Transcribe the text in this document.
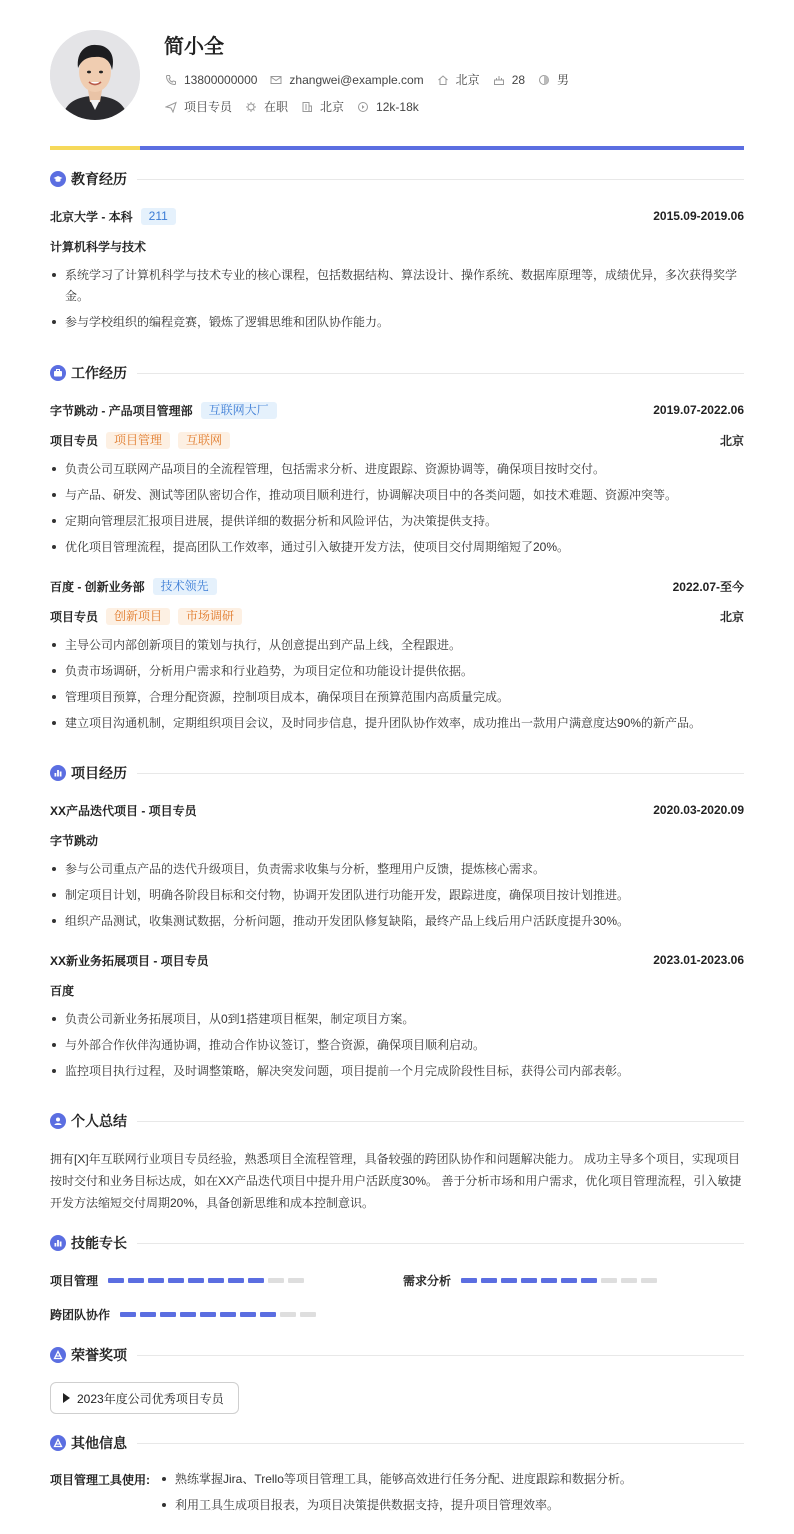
简小全
13800000000	zhangwei@example.com	北京	28	男
项目专员	在职	北京	12k-18k
教育经历
北京大学 - 本科	211	2015.09-2019.06
计算机科学与技术
系统学习了计算机科学与技术专业的核心课程，包括数据结构、算法设计、操作系统、数据库原理等，成绩优异，多次获得奖学金。
参与学校组织的编程竞赛，锻炼了逻辑思维和团队协作能力。
工作经历
字节跳动 - 产品项目管理部	互联网大厂	2019.07-2022.06
项目专员	项目管理	互联网	北京
负责公司互联网产品项目的全流程管理，包括需求分析、进度跟踪、资源协调等，确保项目按时交付。
与产品、研发、测试等团队密切合作，推动项目顺利进行，协调解决项目中的各类问题，如技术难题、资源冲突等。
定期向管理层汇报项目进展，提供详细的数据分析和风险评估，为决策提供支持。
优化项目管理流程，提高团队工作效率，通过引入敏捷开发方法，使项目交付周期缩短了20%。
百度 - 创新业务部	技术领先	2022.07-至今
项目专员	创新项目	市场调研	北京
主导公司内部创新项目的策划与执行，从创意提出到产品上线，全程跟进。
负责市场调研，分析用户需求和行业趋势，为项目定位和功能设计提供依据。
管理项目预算，合理分配资源，控制项目成本，确保项目在预算范围内高质量完成。
建立项目沟通机制，定期组织项目会议，及时同步信息，提升团队协作效率，成功推出一款用户满意度达90%的新产品。
项目经历
XX产品迭代项目 - 项目专员	2020.03-2020.09
字节跳动
参与公司重点产品的迭代升级项目，负责需求收集与分析，整理用户反馈，提炼核心需求。
制定项目计划，明确各阶段目标和交付物，协调开发团队进行功能开发，跟踪进度，确保项目按计划推进。
组织产品测试，收集测试数据，分析问题，推动开发团队修复缺陷，最终产品上线后用户活跃度提升30%。
XX新业务拓展项目 - 项目专员	2023.01-2023.06
百度
负责公司新业务拓展项目，从0到1搭建项目框架，制定项目方案。
与外部合作伙伴沟通协调，推动合作协议签订，整合资源，确保项目顺利启动。
监控项目执行过程，及时调整策略，解决突发问题，项目提前一个月完成阶段性目标，获得公司内部表彰。
个人总结
拥有[X]年互联网行业项目专员经验，熟悉项目全流程管理，具备较强的跨团队协作和问题解决能力。 成功主导多个项目，实现项目按时交付和业务目标达成，如在XX产品迭代项目中提升用户活跃度30%。 善于分析市场和用户需求，优化项目管理流程，引入敏捷开发方法缩短交付周期20%，具备创新思维和成本控制意识。
技能专长
项目管理	需求分析
跨团队协作
荣誉奖项
2023年度公司优秀项目专员
其他信息
项目管理工具使用:	熟练掌握Jira、Trello等项目管理工具，能够高效进行任务分配、进度跟踪和数据分析。
利用工具生成项目报表，为项目决策提供数据支持，提升项目管理效率。
